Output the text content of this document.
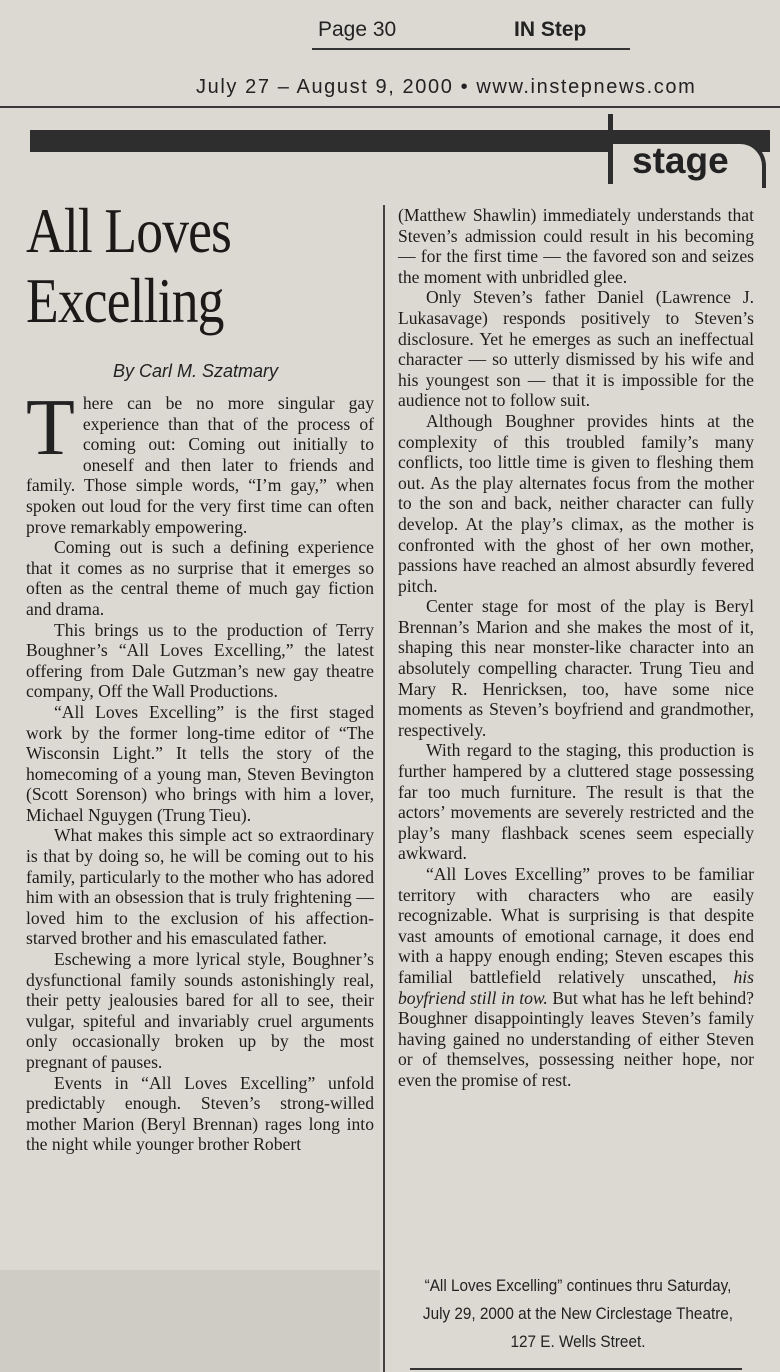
Page 30	IN Step
July 27 – August 9, 2000 • www.instepnews.com
stage
All Loves
Excelling
By Carl M. Szatmary

There can be no more singular gay experience than that of the process of coming out: Coming out initially to oneself and then later to friends and family. Those simple words, “I’m gay,” when spoken out loud for the very first time can often prove remarkably empowering.

Coming out is such a defining experience that it comes as no surprise that it emerges so often as the central theme of much gay fiction and drama.

This brings us to the production of Terry Boughner’s “All Loves Excelling,” the latest offering from Dale Gutzman’s new gay theatre company, Off the Wall Productions.

“All Loves Excelling” is the first staged work by the former long-time editor of “The Wisconsin Light.” It tells the story of the homecoming of a young man, Steven Bevington (Scott Sorenson) who brings with him a lover, Michael Nguygen (Trung Tieu).

What makes this simple act so extraordinary is that by doing so, he will be coming out to his family, particularly to the mother who has adored him with an obsession that is truly frightening — loved him to the exclusion of his affection-starved brother and his emasculated father.

Eschewing a more lyrical style, Boughner’s dysfunctional family sounds astonishingly real, their petty jealousies bared for all to see, their vulgar, spiteful and invariably cruel arguments only occasionally broken up by the most pregnant of pauses.

Events in “All Loves Excelling” unfold predictably enough. Steven’s strong-willed mother Marion (Beryl Brennan) rages long into the night while younger brother Robert

(Matthew Shawlin) immediately understands that Steven’s admission could result in his becoming — for the first time — the favored son and seizes the moment with unbridled glee.

Only Steven’s father Daniel (Lawrence J. Lukasavage) responds positively to Steven’s disclosure. Yet he emerges as such an ineffectual character — so utterly dismissed by his wife and his youngest son — that it is impossible for the audience not to follow suit.

Although Boughner provides hints at the complexity of this troubled family’s many conflicts, too little time is given to fleshing them out. As the play alternates focus from the mother to the son and back, neither character can fully develop. At the play’s climax, as the mother is confronted with the ghost of her own mother, passions have reached an almost absurdly fevered pitch.

Center stage for most of the play is Beryl Brennan’s Marion and she makes the most of it, shaping this near monster-like character into an absolutely compelling character. Trung Tieu and Mary R. Henricksen, too, have some nice moments as Steven’s boyfriend and grandmother, respectively.

With regard to the staging, this production is further hampered by a cluttered stage possessing far too much furniture. The result is that the actors’ movements are severely restricted and the play’s many flashback scenes seem especially awkward.

“All Loves Excelling” proves to be familiar territory with characters who are easily recognizable. What is surprising is that despite vast amounts of emotional carnage, it does end with a happy enough ending; Steven escapes this familial battlefield relatively unscathed, his boyfriend still in tow. But what has he left behind? Boughner disappointingly leaves Steven’s family having gained no understanding of either Steven or of themselves, possessing neither hope, nor even the promise of rest.

“All Loves Excelling” continues thru Saturday,
July 29, 2000 at the New Circlestage Theatre,
127 E. Wells Street.
